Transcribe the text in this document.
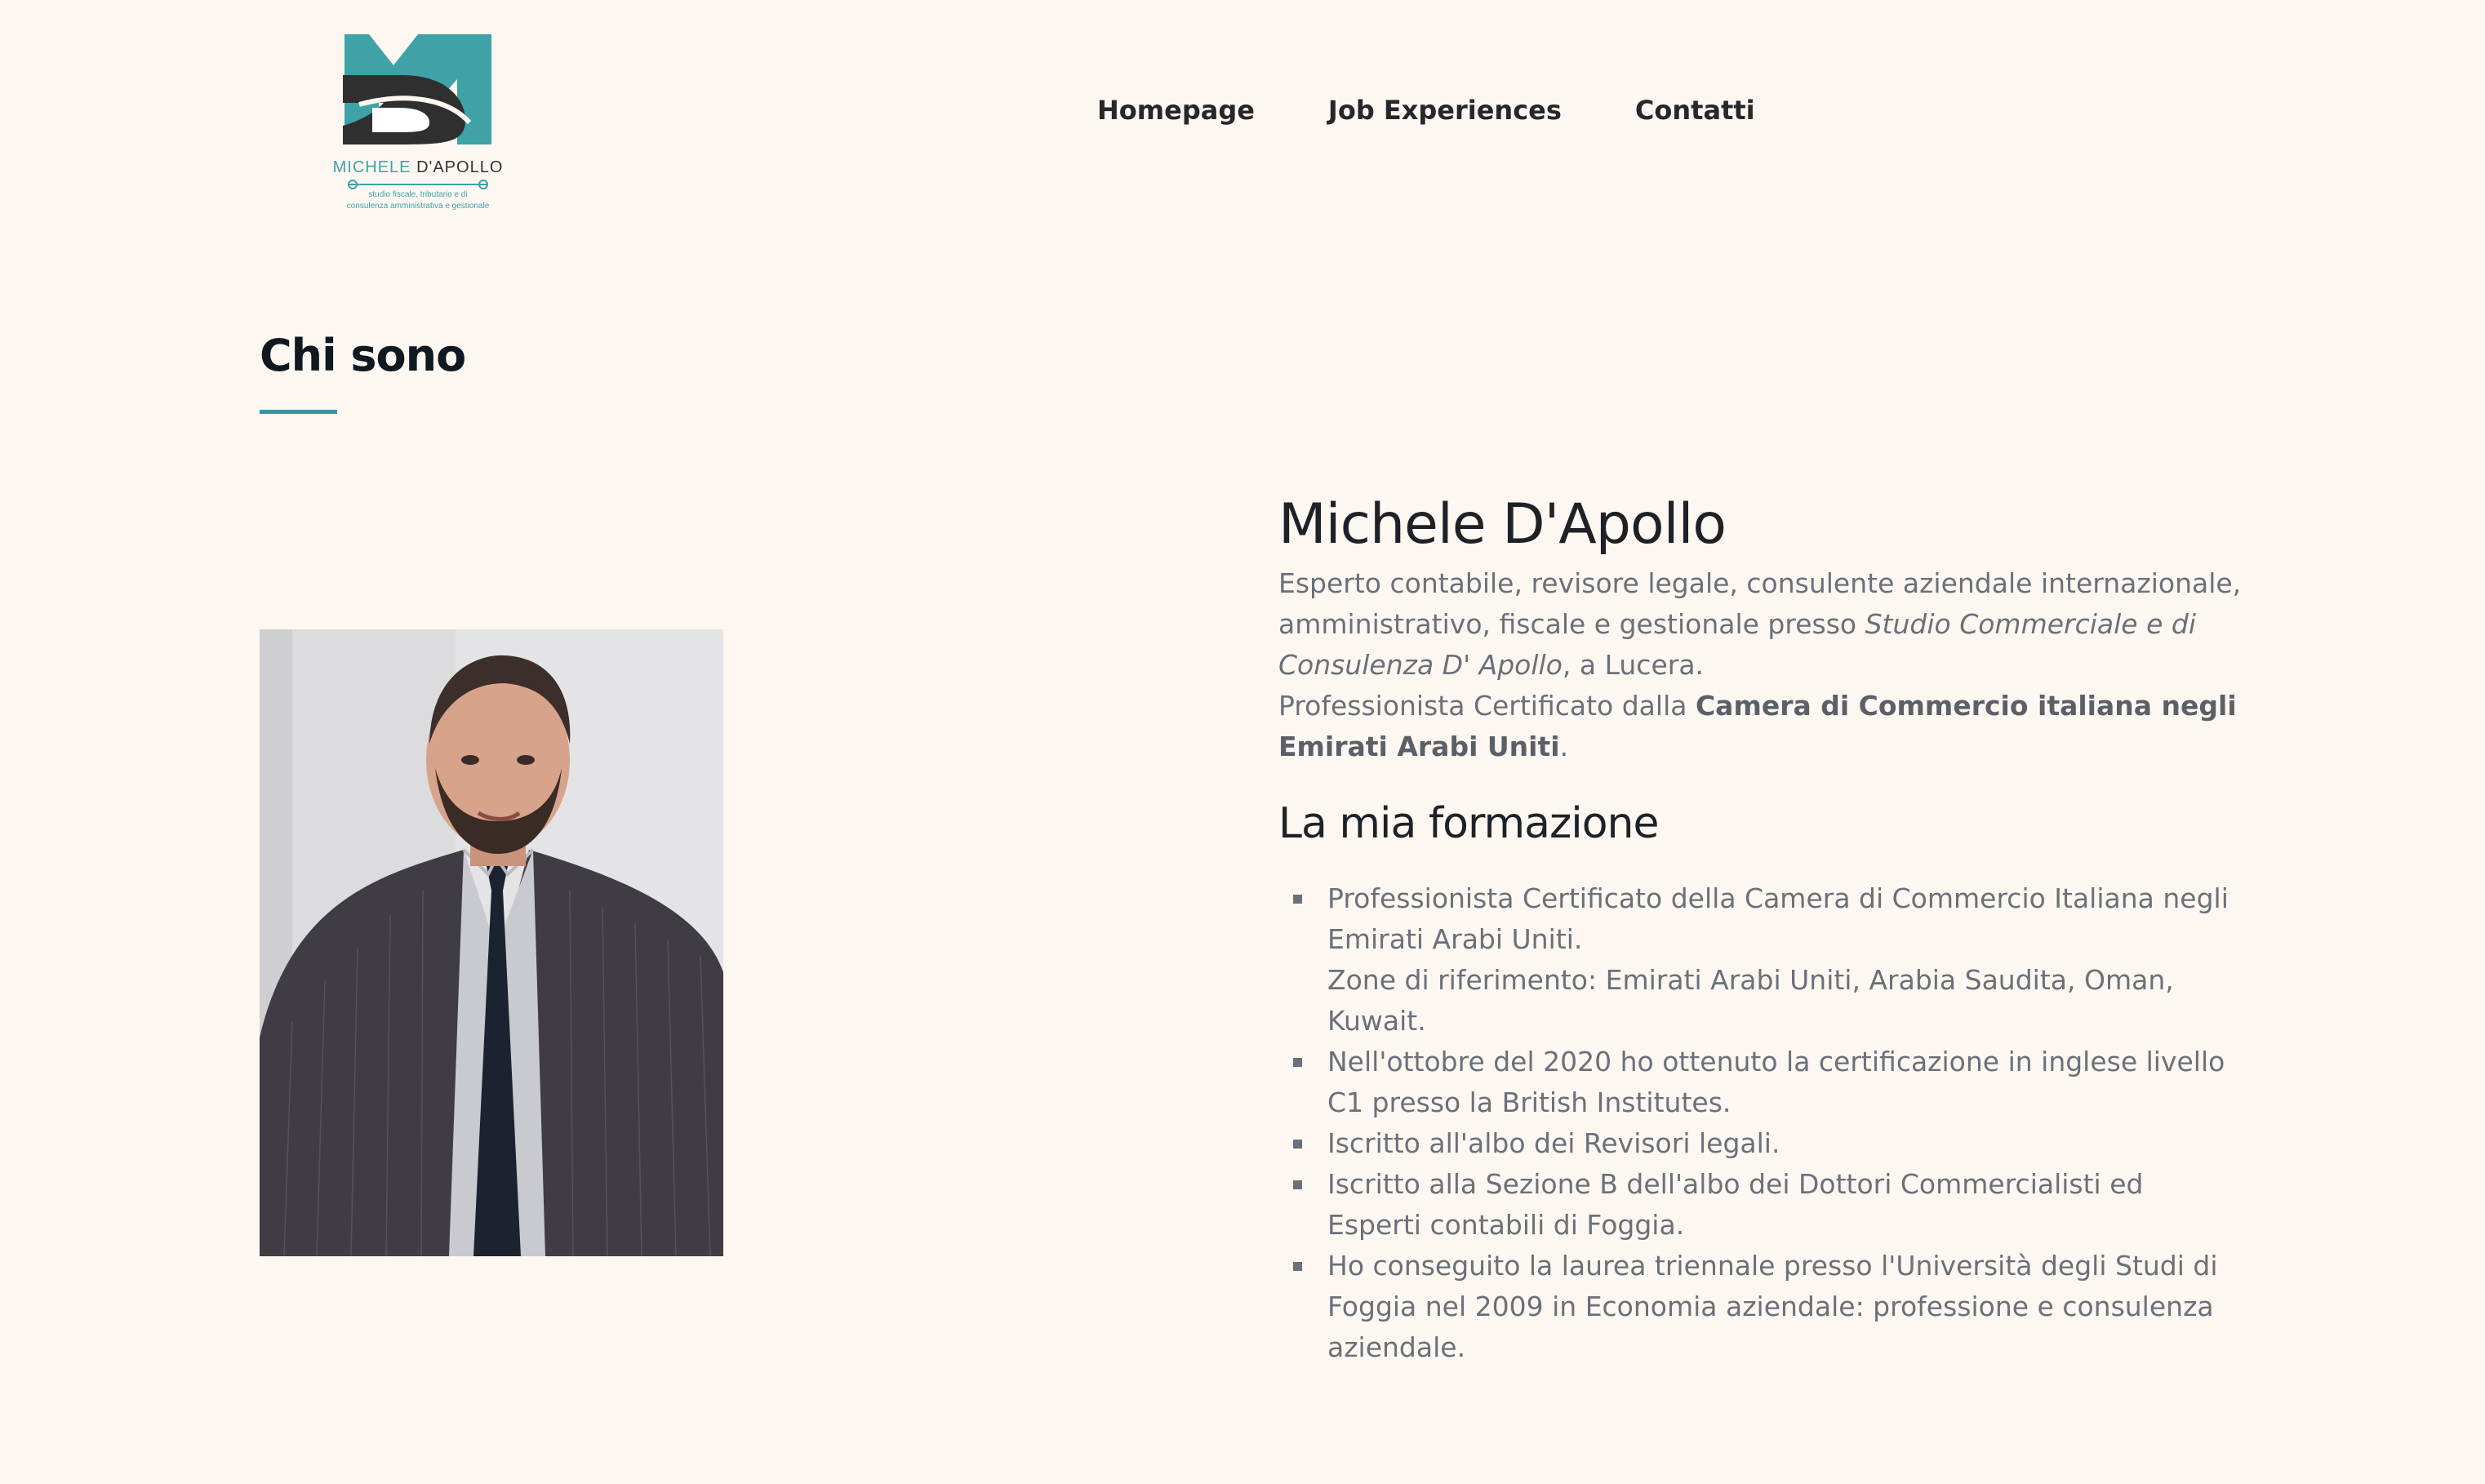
MICHELE D'APOLLO
studio fiscale, tributario e di
consulenza amministrativa e gestionale
Homepage	Job Experiences	Contatti
Chi sono
Michele D'Apollo

Esperto contabile, revisore legale, consulente aziendale internazionale, amministrativo, fiscale e gestionale presso Studio Commerciale e di Consulenza D' Apollo, a Lucera.
Professionista Certificato dalla Camera di Commercio italiana negli Emirati Arabi Uniti.

La mia formazione
Professionista Certificato della Camera di Commercio Italiana negli Emirati Arabi Uniti.
Zone di riferimento: Emirati Arabi Uniti, Arabia Saudita, Oman, Kuwait.
Nell'ottobre del 2020 ho ottenuto la certificazione in inglese livello C1 presso la British Institutes.
Iscritto all'albo dei Revisori legali.
Iscritto alla Sezione B dell'albo dei Dottori Commercialisti ed Esperti contabili di Foggia.
Ho conseguito la laurea triennale presso l'Università degli Studi di Foggia nel 2009 in Economia aziendale: professione e consulenza aziendale.
